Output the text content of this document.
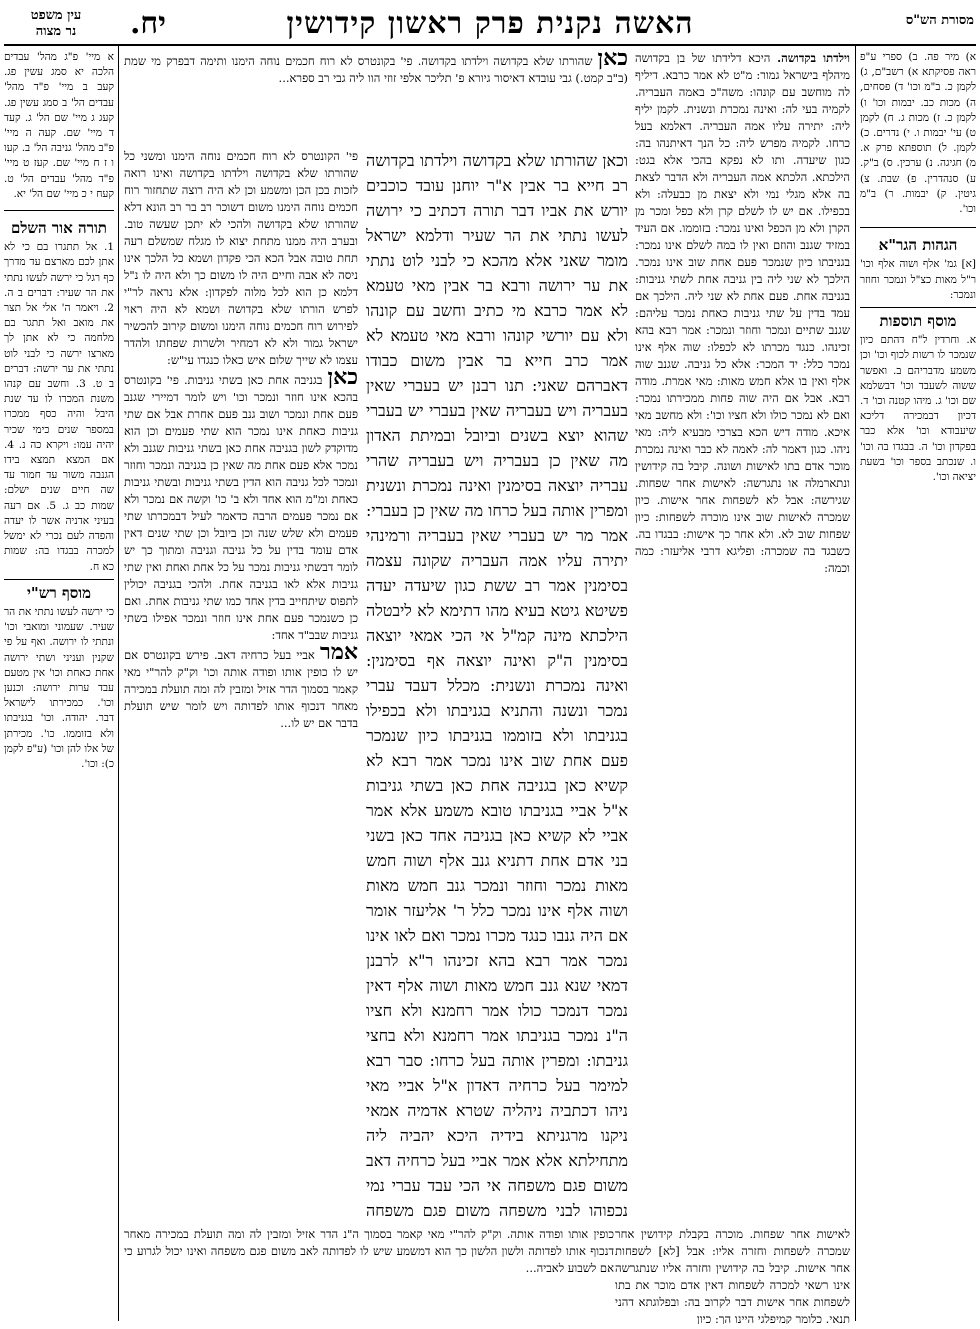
מסורת הש"ס
האשה נקנית פרק ראשון קידושין
יח.
עין משפט
נר מצוה

א) מיר פה. ב) ספרי ע"פ ראה פסיקתא א) רשב"ם, ג) לקמן כ. ב"מ וכו' ד) פסחים, ה) מכות כב. יבמות וכו' ו) לקמן כ. ז) מכות ג. ח) לקמן ט) עי' יבמות ו. י) נדרים. כ) לקמן. ל) תוספתא פרק א. מ) חגיגה. נ) ערכין. ס) ב"ק. ע) סנהדרין. פ) שבת. צ) גיטין. ק) יבמות. ר) ב"מ וכו'.

הגהות הגר"א

[א] גמ' אלף ושוה אלף וכו' ר"ל מאות כצ"ל ונמכר וחוזר ונמכר:

מוסף תוספות

א. וחרדין ל"ח דהתם כיון שנמכר לו רשות לכוף וכו' וכן משמע מדבריהם ב. ואפשר ששוה לשעבד וכו' דבשלמא שם וכו' ג. מיהו קטנה וכו' ד. דכיון דבמכירה דליכא שיעבודא וכו' אלא כבר בפקדון וכו' ה. בבגדו בה וכו' ו. שנכתב בספר וכו' בשעת יציאה וכו'.

וילדתו בקדושה. היכא דלידתו של בן בקדושה מיהלף בישראל גמור: מ"ט לא אמר כרבא. דיליף לה מוחשב עם קונהו: משה"כ באמה העבריה. לקמיה בעי לה: ואינה נמכרת ונשנית. לקמן יליף ליה: יתירה עליו אמה העבריה. דאלמא בעל כרחו. לקמיה מפרש ליה: כל הנך דאיתנהו בה: כגון שיעדה. ותו לא נפקא בהכי אלא בגט: הילכתא. הלכתא אמה העבריה ולא הדבר לצאת בה אלא מגלי נמי ולא יצאת מן כבעלה: ולא בכפילו. אם יש לו לשלם קרן ולא כפל ומכר מן הקרן ולא מן הכפל ואינו נמכר: בזוממו. אם העיד במזיד שגנב והוזם ואין לו במה לשלם אינו נמכר: בגניבתו כיון שנמכר פעם אחת שוב אינו נמכר. הילכך לא שני ליה בין גניבה אחת לשתי גניבות: בגניבה אחת. פעם אחת לא שני ליה. הילכך אם עמד בדין על שתי גניבות כאחת נמכר עליהם: שגנב שתיים ונמכר וחוזר ונמכר: אמר רבא בהא זכינהו. כנגד מכרתו לא לכפלו: שוה אלף אינו נמכר כלל: יד המכר: אלא כל גניבה. שגנב שוה אלף ואין בו אלא חמש מאות: מאי אמרת. מודה רבא. אבל אם היה שוה פחות ממכירתו נמכר: ואם לא נמכר כולו ולא חציו וכו': ולא מחשב מאי איכא. מודה דיש הכא בצרכי מבעיא ליה: מאי ניהו. כגון דאמר לה: לאמה לא כבר ואינה נמכרת מוכר אדם בתו לאישות ושונה. קיבל בה קידושין ונתארמלה או נתגרשה: לאישות אחר שפחות. שגירשה: אבל לא לשפחות אחר אישות. כיון שמכרה לאישות שוב אינו מוכרה לשפחות: כיון שפחות שוב לא. ולא אחר כך אישות: בבגדו בה. כשבגד בה שמכרה: ופליגא דרבי אליעזר: כמה וכמה:

וכאן שהורתו שלא בקדושה וילדתו בקדושה רב חייא בר אבין א"ר יוחנן עובד כוכבים יורש את אביו דבר תורה דכתיב כי ירושה לעשו נתתי את הר שעיר ודלמא ישראל מומר שאני אלא מהכא כי לבני לוט נתתי את ער ירושה ורבא בר אבין מאי טעמא לא אמר כרבא מי כתיב וחשב עם קונהו ולא עם יורשי קונהו ורבא מאי טעמא לא אמר כרב חייא בר אבין משום כבודו דאברהם שאני: תנו רבנן יש בעברי שאין בעבריה ויש בעבריה שאין בעברי יש בעברי שהוא יוצא בשנים וביובל ובמיתת האדון מה שאין כן בעבריה ויש בעבריה שהרי עבריה יוצאה בסימנין ואינה נמכרת ונשנית ומפרין אותה בעל כרחו מה שאין כן בעברי: אמר מר יש בעברי שאין בעבריה ורמינהי יתירה עליו אמה העבריה שקונה עצמה בסימנין אמר רב ששת כגון שיעדה יעדה פשיטא גיטא בעיא מהו דתימא לא ליבטלה הילכתא מינה קמ"ל אי הכי אמאי יוצאה בסימנין ה"ק ואינה יוצאה אף בסימנין: ואינה נמכרת ונשנית: מכלל דעבד עברי נמכר ונשנה והתניא בגניבתו ולא בכפילו בגניבתו ולא בזוממו בגניבתו כיון שנמכר פעם אחת שוב אינו נמכר אמר רבא לא קשיא כאן בגניבה אחת כאן בשתי גניבות א"ל אביי בגניבתו טובא משמע אלא אמר אביי לא קשיא כאן בגניבה אחד כאן בשני בני אדם אחת דתניא גנב אלף ושוה חמש מאות נמכר וחוזר ונמכר גנב חמש מאות ושוה אלף אינו נמכר כלל ר' אליעזר אומר אם היה גנבו כנגד מכרו נמכר ואם לאו אינו נמכר אמר רבא בהא זכינהו ר"א לרבנן דמאי שנא גנב חמש מאות ושוה אלף דאין נמכר דנמכר כולו אמר רחמנא ולא חציו ה"נ נמכר בגניבתו אמר רחמנא ולא בחצי גניבתו: ומפרין אותה בעל כרחו: סבר רבא למימר בעל כרחיה דאדון א"ל אביי מאי ניהו דכתביה ניהליה שטרא אדמיה אמאי ניקנו מרגניתא בידיה היכא יהביה ליה מתחילתא אלא אמר אביי בעל כרחיה דאב משום פגם משפחה אי הכי עבד עברי נמי נכפוהו לבני משפחה משום פגם משפחה

כאן שהורתו שלא בקדושה וילדתו בקדושה. פי' בקונטרס לא רוח חכמים נוחה הימנו ותימה דבפרק מי שמת (ב"ב קמט.) גבי עובדא דאיסור גיורא פ' תליכר אלפי זוזי הוו ליה גבי רב ספרא...

פי' הקונטרס לא רוח חכמים נוחה הימנו ומשני כל שהורתו שלא בקדושה וילדתו בקדושה ואינו רואה לזכות בכן הכן ומשמע וכן לא היה רוצה שתחזור רוח חכמים נוחה הימנו משום דשוכר רב בר רב הונא דלא שהורתו שלא בקדושה ולהכי לא יתכן שעשה טוב. ובערב היה ממנו מתחת יצוא לו מגלח שמשלם רעה תחת טובה אבל הכא הכי פקדון ושמא כל הלכך אינו ניסה לא אבה וחיים היה לו משום כך ולא היה לו נ"ל דלמא כן הוא לכל מלוה לפקדון: אלא נראה לר"י לפרש הורתו שלא בקדושה ושמא לא היה ראוי לפירוש רוח חכמים נוחה הימנו ומשום קירוב להכשיר ישראל גמור ולא לא דמחיר ולשרות שפחתו ולהדר עצמו לא שייך שלום איש כאלו כנגדו עי"ש:

כאן בגניבה אחת כאן בשתי גניבות. פי' בקונטרס בהכא אינו חוזר ונמכר וכו' ויש לומר דמיירי שגנב פעם אחת ונמכר ושוב גנב פעם אחרת אבל אם שתי גניבות כאחת אינו נמכר הוא שתי פעמים וכן הוא מדוקדק לשון בגניבה אחת כאן בשתי גניבות שגנב ולא נמכר אלא פעם אחת מה שאין כן בגניבה ונמכר וחוזר ונמכר לכל גניבה הוא הדין בשתי גניבות ובשתי גניבות כאחת ומ"מ הוא אחד ולא ב' כו' וקשה אם נמכר ולא אם נמכר פעמים הרבה כדאמר לעיל דבמכרתו שתי פעמים ולא שלש שנה וכן ביובל וכן שתי שנים דאין אדם עומד בדין על כל גניבה וגניבה ומתוך כך יש לומר דבשתי גניבות נמכר על כל אחת ואחת ואין שתי גניבות אלא לאו בגניבה אחת. ולהכי בגניבה יכולין לתפוס שיתחייב בדין אחד כמו שתי גניבות אחת. ואם כן כשנמכר פעם אחת אינו חוזר ונמכר אפילו בשתי גניבות שבב"ד אחד:

אמר אביי בעל כרחיה דאב. פירש בקונטרס אם יש לו כופין אותו ופודה אותה וכו' וק"ק להר"י מאי קאמר בסמוך הדר אזיל ומזבין לה ומה תועלת במכירה מאחר דנכוף אותו לפדותה ויש לומר שיש תועלת בדבר אם יש לו...

כופין אותו ופודה אותה. וק"ק להר"י מאי קאמר בסמוך ה"נ הדר אזיל ומזבין לה ומה תועלת במכירה מאחר דנכוף אותו לפדותה ולשון הלשון כך הוא דמשמע שיש לו לפדותה לאב משום פגם משפחה ואינו יכול לגרוע כי אם לשבוע לאביה...

לאישות אחר שפחות. מוכרה בקבלת קידושין אחר שמכרה לשפחות וחזרה אליו: אבל [לא] לשפחות אחר אישות. קיבל בה קידושין וחזרה אליו שנתגרשה אינו רשאי למכרה לשפחות דאין אדם מוכר את בתו לשפחות אחר אישות דבר לקרוב בה: ובפלוגתא דהני תנאי. כלומר קמיפלגי היינו הך: כיון

א מיי' פ"ג מהל' עבדים הלכה יא סמג עשין פג. קעב ב מיי' פ"ד מהל' עבדים הל' ב סמג עשין פג. קעג ג מיי' שם הל' ג. קעד ד מיי' שם. קעה ה מיי' פ"ב מהל' גניבה הל' ב. קעו ו ז ח מיי' שם. קעז ט מיי' פ"ד מהל' עבדים הל' ט. קעח י כ מיי' שם הל' יא.

תורה אור השלם

1. אל תתגרו בם כי לא אתן לכם מארצם עד מדרך כף רגל כי ירשה לעשו נתתי את הר שעיר: דברים ב ה. 2. ויאמר ה' אלי אל תצר את מואב ואל תתגר בם מלחמה כי לא אתן לך מארצו ירשה כי לבני לוט נתתי את ער ירשה: דברים ב ט. 3. וחשב עם קנהו משנת המכרו לו עד שנת היבל והיה כסף ממכרו במספר שנים כימי שכיר יהיה עמו: ויקרא כה נ. 4. אם המצא תמצא בידו הגנבה משור עד חמור עד שה חיים שנים ישלם: שמות כב ג. 5. אם רעה בעיני אדניה אשר לו יעדה והפדה לעם נכרי לא ימשל למכרה בבגדו בה: שמות כא ח.

מוסף רש"י

כי ירשה לעשו נתתי את הר שעיר. שעמוני ומואבי וכו' ונתתי לו ירושה. ואף על פי שקנין ועניני ושתי ירושה אחת כאחת וכו' אין מטעם עבד ערות ירושה: וכנען וכו'. כמכירתו לישראל דבר. יהודה. וכו' בגניבתו ולא בזוממו. כו'. מכירתן של אלו להן וכו' (ע"פ לקמן כ): וכו'.
